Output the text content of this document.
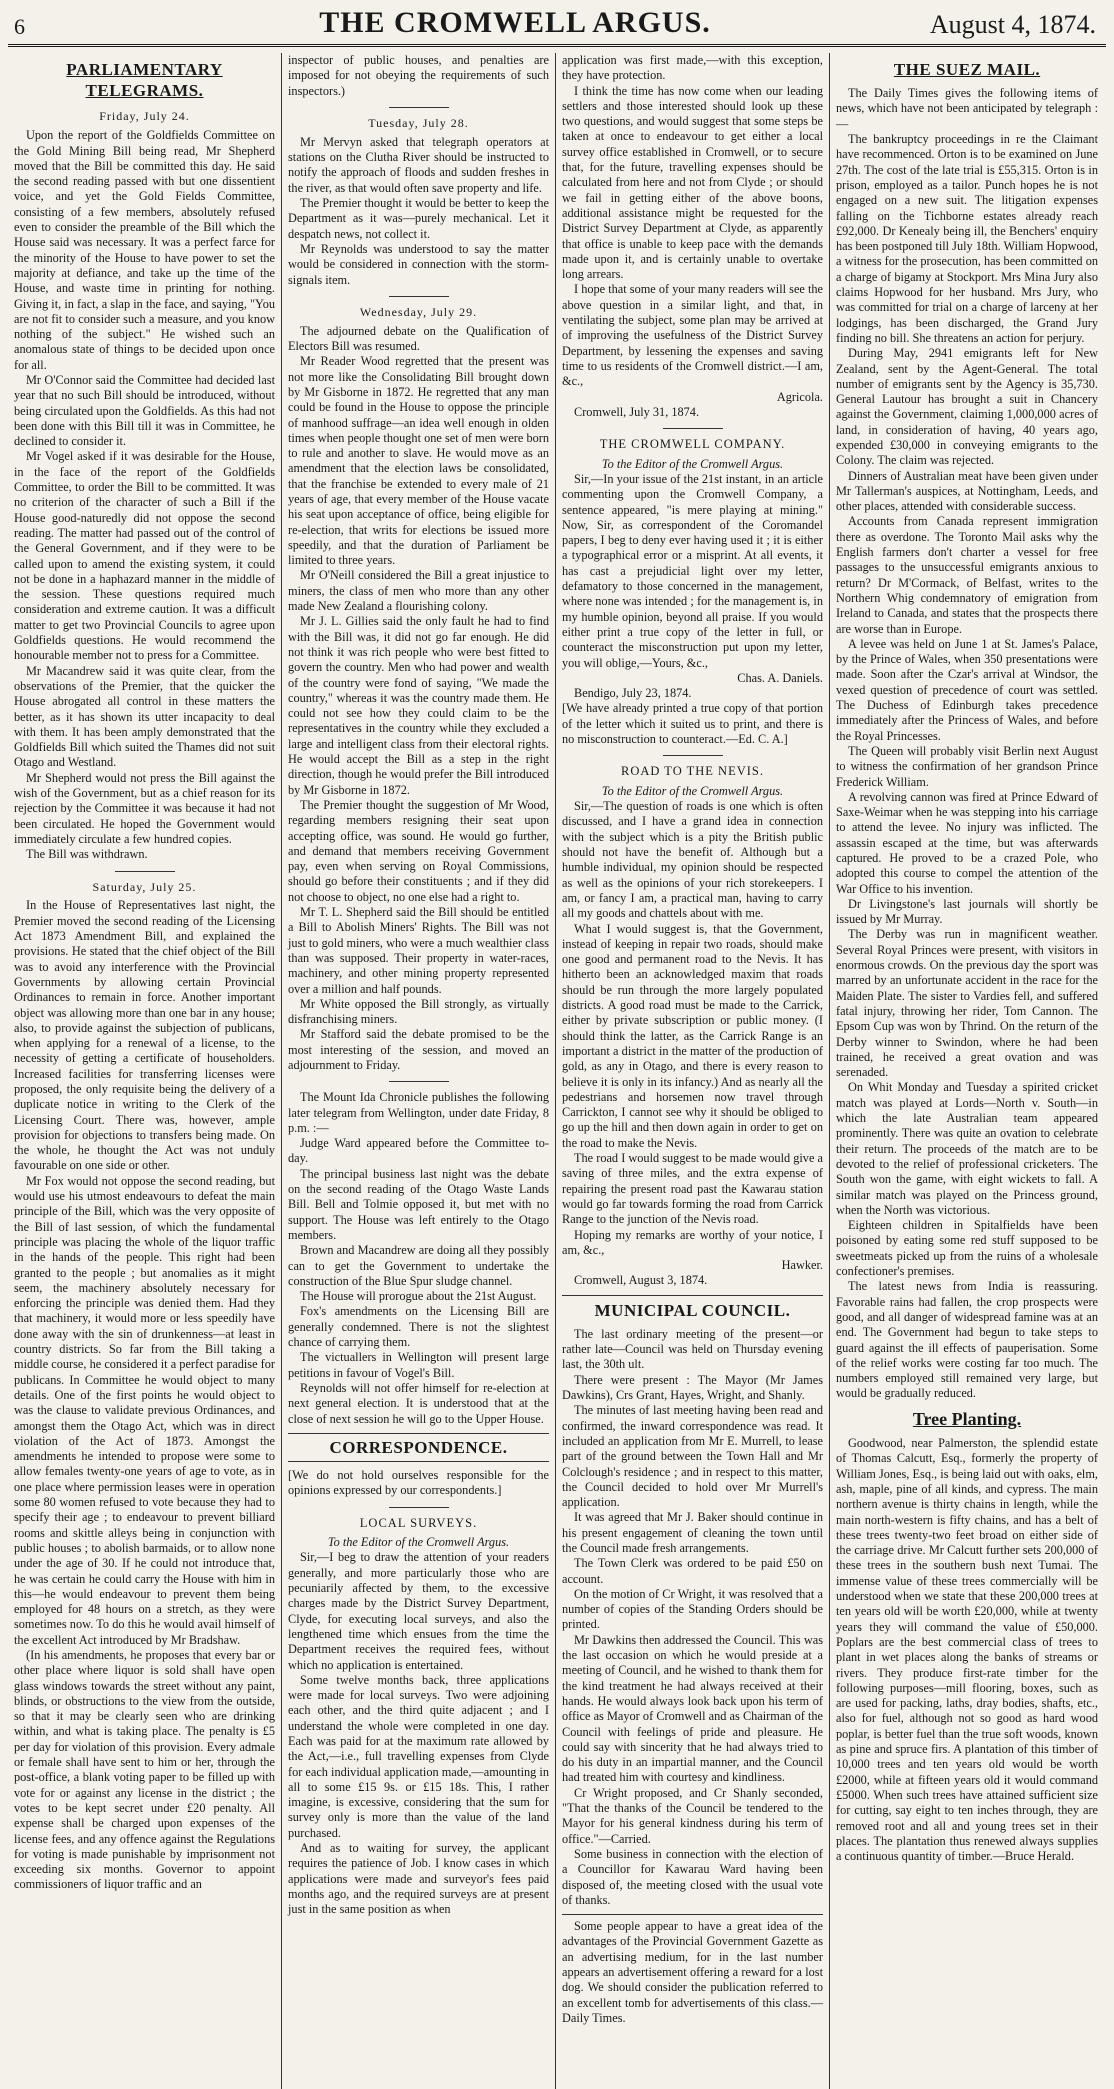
6	THE CROMWELL ARGUS.	August 4, 1874.
PARLIAMENTARY TELEGRAMS.
Friday, July 24.

Upon the report of the Goldfields Committee on the Gold Mining Bill being read, Mr Shepherd moved that the Bill be committed this day. He said the second reading passed with but one dissentient voice, and yet the Gold Fields Committee, consisting of a few members, absolutely refused even to consider the preamble of the Bill which the House said was necessary. It was a perfect farce for the minority of the House to have power to set the majority at defiance, and take up the time of the House, and waste time in printing for nothing. Giving it, in fact, a slap in the face, and saying, "You are not fit to consider such a measure, and you know nothing of the subject." He wished such an anomalous state of things to be decided upon once for all.

Mr O'Connor said the Committee had decided last year that no such Bill should be introduced, without being circulated upon the Goldfields. As this had not been done with this Bill till it was in Committee, he declined to consider it.

Mr Vogel asked if it was desirable for the House, in the face of the report of the Goldfields Committee, to order the Bill to be committed. It was no criterion of the character of such a Bill if the House good-naturedly did not oppose the second reading. The matter had passed out of the control of the General Government, and if they were to be called upon to amend the existing system, it could not be done in a haphazard manner in the middle of the session. These questions required much consideration and extreme caution. It was a difficult matter to get two Provincial Councils to agree upon Goldfields questions. He would recommend the honourable member not to press for a Committee.

Mr Macandrew said it was quite clear, from the observations of the Premier, that the quicker the House abrogated all control in these matters the better, as it has shown its utter incapacity to deal with them. It has been amply demonstrated that the Goldfields Bill which suited the Thames did not suit Otago and Westland.

Mr Shepherd would not press the Bill against the wish of the Government, but as a chief reason for its rejection by the Committee it was because it had not been circulated. He hoped the Government would immediately circulate a few hundred copies.

The Bill was withdrawn.

Saturday, July 25.

In the House of Representatives last night, the Premier moved the second reading of the Licensing Act 1873 Amendment Bill, and explained the provisions. He stated that the chief object of the Bill was to avoid any interference with the Provincial Governments by allowing certain Provincial Ordinances to remain in force. Another important object was allowing more than one bar in any house; also, to provide against the subjection of publicans, when applying for a renewal of a license, to the necessity of getting a certificate of householders. Increased facilities for transferring licenses were proposed, the only requisite being the delivery of a duplicate notice in writing to the Clerk of the Licensing Court. There was, however, ample provision for objections to transfers being made. On the whole, he thought the Act was not unduly favourable on one side or other.

Mr Fox would not oppose the second reading, but would use his utmost endeavours to defeat the main principle of the Bill, which was the very opposite of the Bill of last session, of which the fundamental principle was placing the whole of the liquor traffic in the hands of the people. This right had been granted to the people ; but anomalies as it might seem, the machinery absolutely necessary for enforcing the principle was denied them. Had they that machinery, it would more or less speedily have done away with the sin of drunkenness—at least in country districts. So far from the Bill taking a middle course, he considered it a perfect paradise for publicans. In Committee he would object to many details. One of the first points he would object to was the clause to validate previous Ordinances, and amongst them the Otago Act, which was in direct violation of the Act of 1873. Amongst the amendments he intended to propose were some to allow females twenty-one years of age to vote, as in one place where permission leases were in operation some 80 women refused to vote because they had to specify their age ; to endeavour to prevent billiard rooms and skittle alleys being in conjunction with public houses ; to abolish barmaids, or to allow none under the age of 30. If he could not introduce that, he was certain he could carry the House with him in this—he would endeavour to prevent them being employed for 48 hours on a stretch, as they were sometimes now. To do this he would avail himself of the excellent Act introduced by Mr Bradshaw.

(In his amendments, he proposes that every bar or other place where liquor is sold shall have open glass windows towards the street without any paint, blinds, or obstructions to the view from the outside, so that it may be clearly seen who are drinking within, and what is taking place. The penalty is £5 per day for violation of this provision. Every admale or female shall have sent to him or her, through the post-office, a blank voting paper to be filled up with vote for or against any license in the district ; the votes to be kept secret under £20 penalty. All expense shall be charged upon expenses of the license fees, and any offence against the Regulations for voting is made punishable by imprisonment not exceeding six months. Governor to appoint commissioners of liquor traffic and an

inspector of public houses, and penalties are imposed for not obeying the requirements of such inspectors.)

Tuesday, July 28.

Mr Mervyn asked that telegraph operators at stations on the Clutha River should be instructed to notify the approach of floods and sudden freshes in the river, as that would often save property and life.

The Premier thought it would be better to keep the Department as it was—purely mechanical. Let it despatch news, not collect it.

Mr Reynolds was understood to say the matter would be considered in connection with the storm-signals item.

Wednesday, July 29.

The adjourned debate on the Qualification of Electors Bill was resumed.

Mr Reader Wood regretted that the present was not more like the Consolidating Bill brought down by Mr Gisborne in 1872. He regretted that any man could be found in the House to oppose the principle of manhood suffrage—an idea well enough in olden times when people thought one set of men were born to rule and another to slave. He would move as an amendment that the election laws be consolidated, that the franchise be extended to every male of 21 years of age, that every member of the House vacate his seat upon acceptance of office, being eligible for re-election, that writs for elections be issued more speedily, and that the duration of Parliament be limited to three years.

Mr O'Neill considered the Bill a great injustice to miners, the class of men who more than any other made New Zealand a flourishing colony.

Mr J. L. Gillies said the only fault he had to find with the Bill was, it did not go far enough. He did not think it was rich people who were best fitted to govern the country. Men who had power and wealth of the country were fond of saying, "We made the country," whereas it was the country made them. He could not see how they could claim to be the representatives in the country while they excluded a large and intelligent class from their electoral rights. He would accept the Bill as a step in the right direction, though he would prefer the Bill introduced by Mr Gisborne in 1872.

The Premier thought the suggestion of Mr Wood, regarding members resigning their seat upon accepting office, was sound. He would go further, and demand that members receiving Government pay, even when serving on Royal Commissions, should go before their constituents ; and if they did not choose to object, no one else had a right to.

Mr T. L. Shepherd said the Bill should be entitled a Bill to Abolish Miners' Rights. The Bill was not just to gold miners, who were a much wealthier class than was supposed. Their property in water-races, machinery, and other mining property represented over a million and half pounds.

Mr White opposed the Bill strongly, as virtually disfranchising miners.

Mr Stafford said the debate promised to be the most interesting of the session, and moved an adjournment to Friday.

The Mount Ida Chronicle publishes the following later telegram from Wellington, under date Friday, 8 p.m. :—

Judge Ward appeared before the Committee to-day.

The principal business last night was the debate on the second reading of the Otago Waste Lands Bill. Bell and Tolmie opposed it, but met with no support. The House was left entirely to the Otago members.

Brown and Macandrew are doing all they possibly can to get the Government to undertake the construction of the Blue Spur sludge channel.

The House will prorogue about the 21st August.

Fox's amendments on the Licensing Bill are generally condemned. There is not the slightest chance of carrying them.

The victuallers in Wellington will present large petitions in favour of Vogel's Bill.

Reynolds will not offer himself for re-election at next general election. It is understood that at the close of next session he will go to the Upper House.

CORRESPONDENCE.

[We do not hold ourselves responsible for the opinions expressed by our correspondents.]

LOCAL SURVEYS.

To the Editor of the Cromwell Argus.

Sir,—I beg to draw the attention of your readers generally, and more particularly those who are pecuniarily affected by them, to the excessive charges made by the District Survey Department, Clyde, for executing local surveys, and also the lengthened time which ensues from the time the Department receives the required fees, without which no application is entertained.

Some twelve months back, three applications were made for local surveys. Two were adjoining each other, and the third quite adjacent ; and I understand the whole were completed in one day. Each was paid for at the maximum rate allowed by the Act,—i.e., full travelling expenses from Clyde for each individual application made,—amounting in all to some £15 9s. or £15 18s. This, I rather imagine, is excessive, considering that the sum for survey only is more than the value of the land purchased.

And as to waiting for survey, the applicant requires the patience of Job. I know cases in which applications were made and surveyor's fees paid months ago, and the required surveys are at present just in the same position as when

application was first made,—with this exception, they have protection.

I think the time has now come when our leading settlers and those interested should look up these two questions, and would suggest that some steps be taken at once to endeavour to get either a local survey office established in Cromwell, or to secure that, for the future, travelling expenses should be calculated from here and not from Clyde ; or should we fail in getting either of the above boons, additional assistance might be requested for the District Survey Department at Clyde, as apparently that office is unable to keep pace with the demands made upon it, and is certainly unable to overtake long arrears.

I hope that some of your many readers will see the above question in a similar light, and that, in ventilating the subject, some plan may be arrived at of improving the usefulness of the District Survey Department, by lessening the expenses and saving time to us residents of the Cromwell district.—I am, &c.,

Agricola.

Cromwell, July 31, 1874.

THE CROMWELL COMPANY.

To the Editor of the Cromwell Argus.

Sir,—In your issue of the 21st instant, in an article commenting upon the Cromwell Company, a sentence appeared, "is mere playing at mining." Now, Sir, as correspondent of the Coromandel papers, I beg to deny ever having used it ; it is either a typographical error or a misprint. At all events, it has cast a prejudicial light over my letter, defamatory to those concerned in the management, where none was intended ; for the management is, in my humble opinion, beyond all praise. If you would either print a true copy of the letter in full, or counteract the misconstruction put upon my letter, you will oblige,—Yours, &c.,

Chas. A. Daniels.

Bendigo, July 23, 1874.

[We have already printed a true copy of that portion of the letter which it suited us to print, and there is no misconstruction to counteract.—Ed. C. A.]

ROAD TO THE NEVIS.

To the Editor of the Cromwell Argus.

Sir,—The question of roads is one which is often discussed, and I have a grand idea in connection with the subject which is a pity the British public should not have the benefit of. Although but a humble individual, my opinion should be respected as well as the opinions of your rich storekeepers. I am, or fancy I am, a practical man, having to carry all my goods and chattels about with me.

What I would suggest is, that the Government, instead of keeping in repair two roads, should make one good and permanent road to the Nevis. It has hitherto been an acknowledged maxim that roads should be run through the more largely populated districts. A good road must be made to the Carrick, either by private subscription or public money. (I should think the latter, as the Carrick Range is an important a district in the matter of the production of gold, as any in Otago, and there is every reason to believe it is only in its infancy.) And as nearly all the pedestrians and horsemen now travel through Carrickton, I cannot see why it should be obliged to go up the hill and then down again in order to get on the road to make the Nevis.

The road I would suggest to be made would give a saving of three miles, and the extra expense of repairing the present road past the Kawarau station would go far towards forming the road from Carrick Range to the junction of the Nevis road.

Hoping my remarks are worthy of your notice, I am, &c.,

Hawker.

Cromwell, August 3, 1874.

MUNICIPAL COUNCIL.

The last ordinary meeting of the present—or rather late—Council was held on Thursday evening last, the 30th ult.

There were present : The Mayor (Mr James Dawkins), Crs Grant, Hayes, Wright, and Shanly.

The minutes of last meeting having been read and confirmed, the inward correspondence was read. It included an application from Mr E. Murrell, to lease part of the ground between the Town Hall and Mr Colclough's residence ; and in respect to this matter, the Council decided to hold over Mr Murrell's application.

It was agreed that Mr J. Baker should continue in his present engagement of cleaning the town until the Council made fresh arrangements.

The Town Clerk was ordered to be paid £50 on account.

On the motion of Cr Wright, it was resolved that a number of copies of the Standing Orders should be printed.

Mr Dawkins then addressed the Council. This was the last occasion on which he would preside at a meeting of Council, and he wished to thank them for the kind treatment he had always received at their hands. He would always look back upon his term of office as Mayor of Cromwell and as Chairman of the Council with feelings of pride and pleasure. He could say with sincerity that he had always tried to do his duty in an impartial manner, and the Council had treated him with courtesy and kindliness.

Cr Wright proposed, and Cr Shanly seconded, "That the thanks of the Council be tendered to the Mayor for his general kindness during his term of office."—Carried.

Some business in connection with the election of a Councillor for Kawarau Ward having been disposed of, the meeting closed with the usual vote of thanks.

Some people appear to have a great idea of the advantages of the Provincial Government Gazette as an advertising medium, for in the last number appears an advertisement offering a reward for a lost dog. We should consider the publication referred to an excellent tomb for advertisements of this class.—Daily Times.

THE SUEZ MAIL.

The Daily Times gives the following items of news, which have not been anticipated by telegraph :—

The bankruptcy proceedings in re the Claimant have recommenced. Orton is to be examined on June 27th. The cost of the late trial is £55,315. Orton is in prison, employed as a tailor. Punch hopes he is not engaged on a new suit. The litigation expenses falling on the Tichborne estates already reach £92,000. Dr Kenealy being ill, the Benchers' enquiry has been postponed till July 18th. William Hopwood, a witness for the prosecution, has been committed on a charge of bigamy at Stockport. Mrs Mina Jury also claims Hopwood for her husband. Mrs Jury, who was committed for trial on a charge of larceny at her lodgings, has been discharged, the Grand Jury finding no bill. She threatens an action for perjury.

During May, 2941 emigrants left for New Zealand, sent by the Agent-General. The total number of emigrants sent by the Agency is 35,730. General Lautour has brought a suit in Chancery against the Government, claiming 1,000,000 acres of land, in consideration of having, 40 years ago, expended £30,000 in conveying emigrants to the Colony. The claim was rejected.

Dinners of Australian meat have been given under Mr Tallerman's auspices, at Nottingham, Leeds, and other places, attended with considerable success.

Accounts from Canada represent immigration there as overdone. The Toronto Mail asks why the English farmers don't charter a vessel for free passages to the unsuccessful emigrants anxious to return? Dr M'Cormack, of Belfast, writes to the Northern Whig condemnatory of emigration from Ireland to Canada, and states that the prospects there are worse than in Europe.

A levee was held on June 1 at St. James's Palace, by the Prince of Wales, when 350 presentations were made. Soon after the Czar's arrival at Windsor, the vexed question of precedence of court was settled. The Duchess of Edinburgh takes precedence immediately after the Princess of Wales, and before the Royal Princesses.

The Queen will probably visit Berlin next August to witness the confirmation of her grandson Prince Frederick William.

A revolving cannon was fired at Prince Edward of Saxe-Weimar when he was stepping into his carriage to attend the levee. No injury was inflicted. The assassin escaped at the time, but was afterwards captured. He proved to be a crazed Pole, who adopted this course to compel the attention of the War Office to his invention.

Dr Livingstone's last journals will shortly be issued by Mr Murray.

The Derby was run in magnificent weather. Several Royal Princes were present, with visitors in enormous crowds. On the previous day the sport was marred by an unfortunate accident in the race for the Maiden Plate. The sister to Vardies fell, and suffered fatal injury, throwing her rider, Tom Cannon. The Epsom Cup was won by Thrind. On the return of the Derby winner to Swindon, where he had been trained, he received a great ovation and was serenaded.

On Whit Monday and Tuesday a spirited cricket match was played at Lords—North v. South—in which the late Australian team appeared prominently. There was quite an ovation to celebrate their return. The proceeds of the match are to be devoted to the relief of professional cricketers. The South won the game, with eight wickets to fall. A similar match was played on the Princess ground, when the North was victorious.

Eighteen children in Spitalfields have been poisoned by eating some red stuff supposed to be sweetmeats picked up from the ruins of a wholesale confectioner's premises.

The latest news from India is reassuring. Favorable rains had fallen, the crop prospects were good, and all danger of widespread famine was at an end. The Government had begun to take steps to guard against the ill effects of pauperisation. Some of the relief works were costing far too much. The numbers employed still remained very large, but would be gradually reduced.

Tree Planting.

Goodwood, near Palmerston, the splendid estate of Thomas Calcutt, Esq., formerly the property of William Jones, Esq., is being laid out with oaks, elm, ash, maple, pine of all kinds, and cypress. The main northern avenue is thirty chains in length, while the main north-western is fifty chains, and has a belt of these trees twenty-two feet broad on either side of the carriage drive. Mr Calcutt further sets 200,000 of these trees in the southern bush next Tumai. The immense value of these trees commercially will be understood when we state that these 200,000 trees at ten years old will be worth £20,000, while at twenty years they will command the value of £50,000. Poplars are the best commercial class of trees to plant in wet places along the banks of streams or rivers. They produce first-rate timber for the following purposes—mill flooring, boxes, such as are used for packing, laths, dray bodies, shafts, etc., also for fuel, although not so good as hard wood poplar, is better fuel than the true soft woods, known as pine and spruce firs. A plantation of this timber of 10,000 trees and ten years old would be worth £2000, while at fifteen years old it would command £5000. When such trees have attained sufficient size for cutting, say eight to ten inches through, they are removed root and all and young trees set in their places. The plantation thus renewed always supplies a continuous quantity of timber.—Bruce Herald.
